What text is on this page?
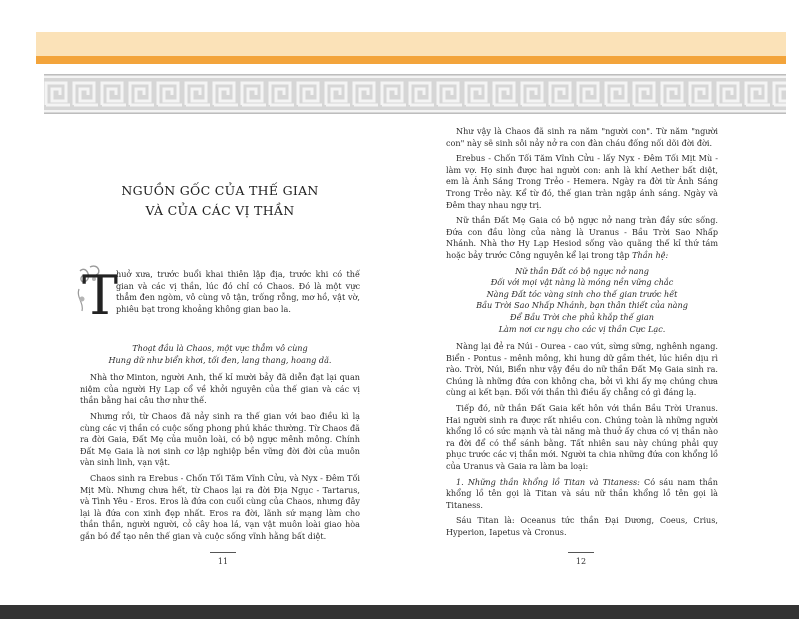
NGUỒN GỐC CỦA THẾ GIAN
VÀ CỦA CÁC VỊ THẦN
T

huở xưa, trước buổi khai thiên lập địa, trước khi có thế gian và các vị thần, lúc đó chỉ có Chaos. Đó là một vực thẳm đen ngòm, vô cùng vô tận, trống rỗng, mơ hồ, vật vờ, phiêu bạt trong khoảng không gian bao la.

Thoạt đầu là Chaos, một vực thẳm vô cùng
Hung dữ như biển khơi, tối đen, lang thang, hoang dã.

Nhà thơ Minton, người Anh, thế kỉ mười bảy đã diễn đạt lại quan niệm của người Hy Lạp cổ về khởi nguyên của thế gian và các vị thần bằng hai câu thơ như thế.

Nhưng rồi, từ Chaos đã nảy sinh ra thế gian với bao điều kì lạ cùng các vị thần có cuộc sống phong phú khác thường. Từ Chaos đã ra đời Gaia, Đất Mẹ của muôn loài, có bộ ngực mênh mông. Chính Đất Mẹ Gaia là nơi sinh cơ lập nghiệp bền vững đời đời của muôn vàn sinh linh, vạn vật.

Chaos sinh ra Erebus - Chốn Tối Tăm Vĩnh Cửu, và Nyx - Đêm Tối Mịt Mù. Nhưng chưa hết, từ Chaos lại ra đời Địa Ngục - Tartarus, và Tình Yêu - Eros. Eros là đứa con cuối cùng của Chaos, nhưng đây lại là đứa con xinh đẹp nhất. Eros ra đời, lãnh sứ mạng làm cho thần thần, người người, cỏ cây hoa lá, vạn vật muôn loài giao hòa gắn bó để tạo nên thế gian và cuộc sống vĩnh hằng bất diệt.

Như vậy là Chaos đã sinh ra năm "người con". Từ năm "người con" này sẽ sinh sôi nảy nở ra con đàn cháu đống nối dõi đời đời.

Erebus - Chốn Tối Tăm Vĩnh Cửu - lấy Nyx - Đêm Tối Mịt Mù - làm vợ. Họ sinh được hai người con: anh là khí Aether bất diệt, em là Ánh Sáng Trong Trẻo - Hemera. Ngày ra đời từ Ánh Sáng Trong Trẻo này. Kể từ đó, thế gian tràn ngập ánh sáng. Ngày và Đêm thay nhau ngự trị.

Nữ thần Đất Mẹ Gaia có bộ ngực nở nang tràn đầy sức sống. Đứa con đầu lòng của nàng là Uranus - Bầu Trời Sao Nhấp Nhánh. Nhà thơ Hy Lạp Hesiod sống vào quãng thế kỉ thứ tám hoặc bảy trước Công nguyên kể lại trong tập Thần hệ:

Nữ thần Đất có bộ ngực nở nang
Đối với mọi vật nàng là móng nền vững chắc
Nàng Đất tóc vàng sinh cho thế gian trước hết
Bầu Trời Sao Nhấp Nhánh, bạn thân thiết của nàng
Để Bầu Trời che phủ khắp thế gian
Làm nơi cư ngụ cho các vị thần Cực Lạc.

Nàng lại đẻ ra Núi - Ourea - cao vút, sừng sững, nghênh ngang. Biển - Pontus - mênh mông, khi hung dữ gầm thét, lúc hiền dịu rì rào. Trời, Núi, Biển như vậy đều do nữ thần Đất Mẹ Gaia sinh ra. Chúng là những đứa con không cha, bởi vì khi ấy mẹ chúng chưa cùng ai kết bạn. Đối với thần thì điều ấy chẳng có gì đáng lạ.

Tiếp đó, nữ thần Đất Gaia kết hôn với thần Bầu Trời Uranus. Hai người sinh ra được rất nhiều con. Chúng toàn là những người khổng lồ có sức mạnh và tài năng mà thuở ấy chưa có vị thần nào ra đời để có thể sánh bằng. Tất nhiên sau này chúng phải quy phục trước các vị thần mới. Người ta chia những đứa con khổng lồ của Uranus và Gaia ra làm ba loại:

1. Những thần khổng lồ Titan và Titaness: Có sáu nam thần khổng lồ tên gọi là Titan và sáu nữ thần khổng lồ tên gọi là Titaness.

Sáu Titan là: Oceanus tức thần Đại Dương, Coeus, Crius, Hyperion, Iapetus và Cronus.

11	12
